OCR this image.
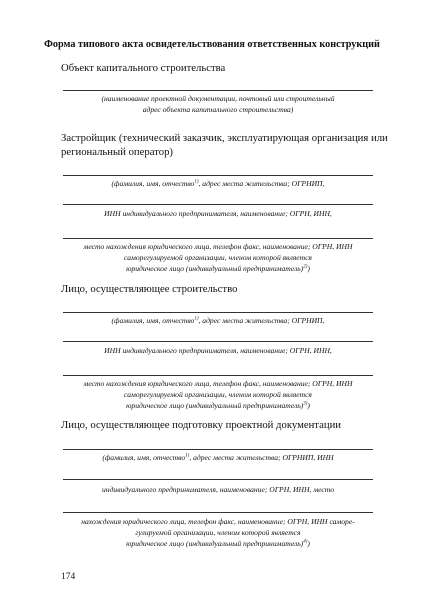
Форма типового акта освидетельствования ответственных конструкций
Объект капитального строительства
(наименование проектной документации, почтовый или строительный
адрес объекта капитального строительства)
Застройщик (технический заказчик, эксплуатирующая организация или
региональный оператор)
(фамилия, имя, отчество$^{1)}$, адрес места жительства; ОГРНИП,
ИНН индивидуального предпринимателя, наименование; ОГРН, ИНН,
место нахождения юридического лица, телефон факс, наименование; ОГРН, ИНН
саморегулируемой организации, членом которой является
юридическое лицо (индивидуальный предприниматель)$^{2)}$)
Лицо, осуществляющее строительство
(фамилия, имя, отчество$^{1)}$, адрес места жительства; ОГРНИП,
ИНН индивидуального предпринимателя, наименование; ОГРН, ИНН,
место нахождения юридического лица, телефон факс, наименование; ОГРН, ИНН
саморегулируемой организации, членом которой является
юридическое лицо (индивидуальный предприниматель)$^{3)}$)
Лицо, осуществляющее подготовку проектной документации
(фамилия, имя, отчество$^{1)}$, адрес места жительства; ОГРНИП, ИНН
индивидуального предпринимателя, наименование; ОГРН, ИНН, место
нахождения юридического лица, телефон факс, наименование; ОГРН, ИНН саморе-
гулируемой организации, членом которой является
юридическое лицо (индивидуальный предприниматель)$^{4)}$)
174
